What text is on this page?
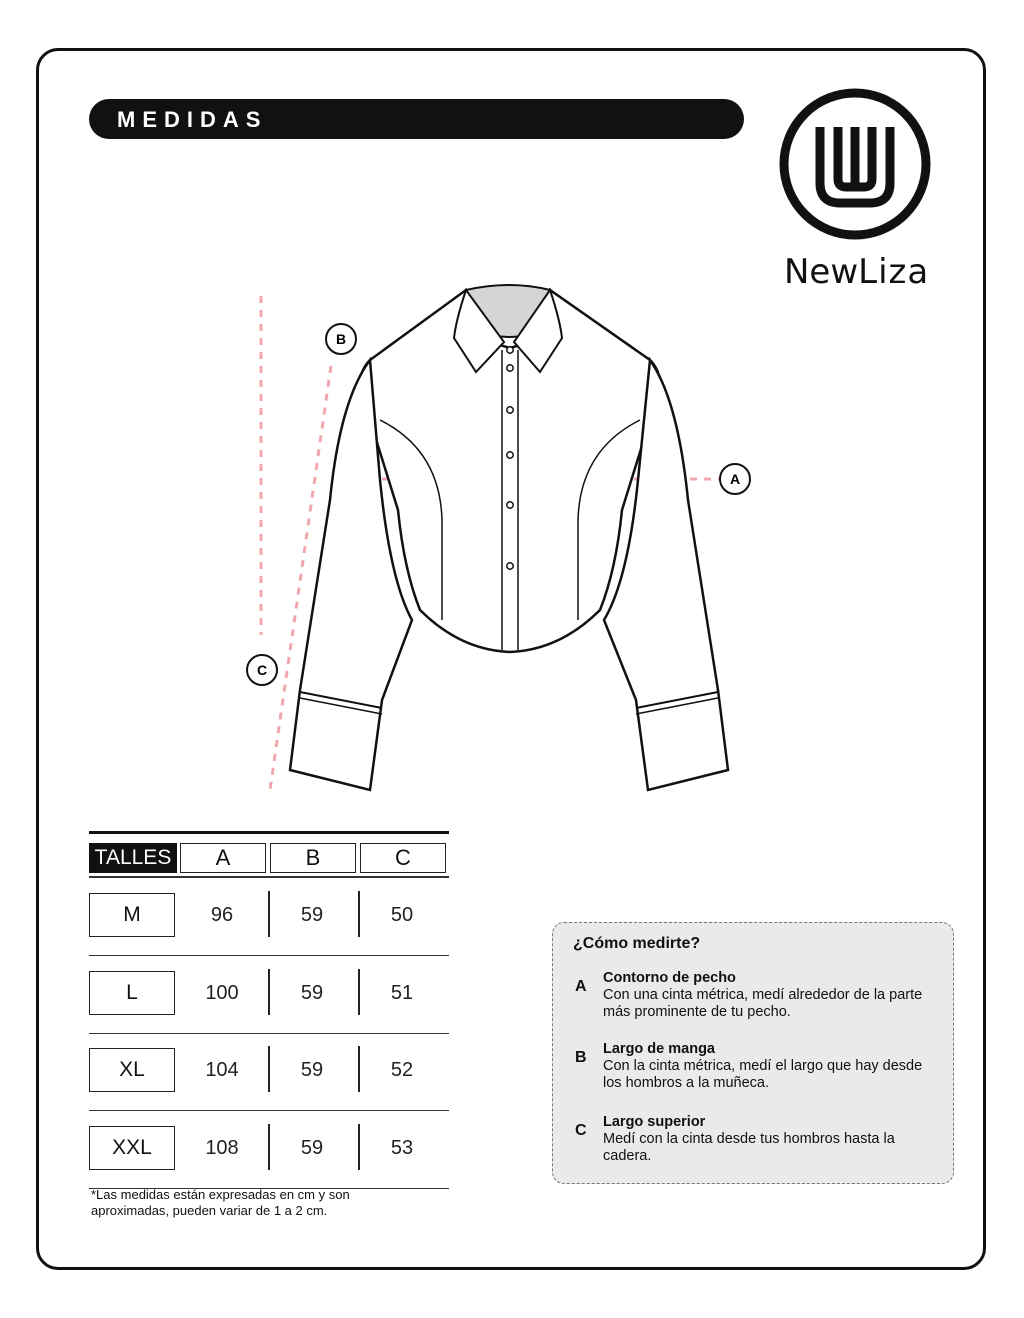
MEDIDAS
NewLiza
B
A
C
TALLES	A	B	C
M	96	59	50
L	100	59	51
XL	104	59	52
XXL	108	59	53
*Las medidas están expresadas en cm y son aproximadas, pueden variar de 1 a 2 cm.
¿Cómo medirte?
A Contorno de pecho
Con una cinta métrica, medí alrededor de la parte más prominente de tu pecho.
B Largo de manga
Con la cinta métrica, medí el largo que hay desde los hombros a la muñeca.
C Largo superior
Medí con la cinta desde tus hombros hasta la cadera.
